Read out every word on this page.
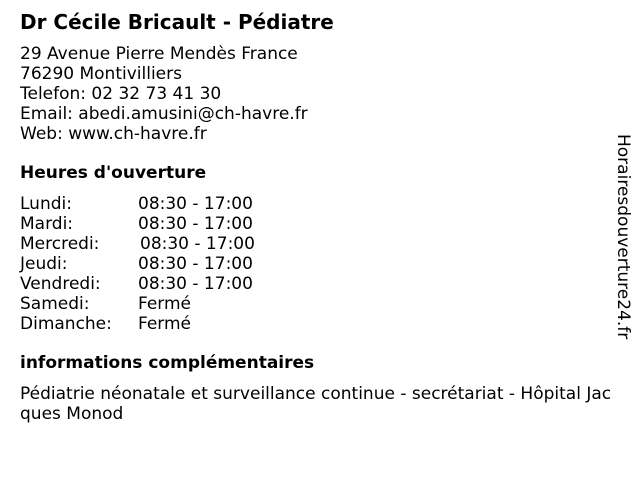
Dr Cécile Bricault - Pédiatre
29 Avenue Pierre Mendès France
76290 Montivilliers
Telefon: 02 32 73 41 30
Email: abedi.amusini@ch-havre.fr
Web: www.ch-havre.fr
Heures d'ouverture
Lundi:	08:30 - 17:00
Mardi:	08:30 - 17:00
Mercredi: 08:30 - 17:00
Jeudi:	08:30 - 17:00
Vendredi: 08:30 - 17:00
Samedi:	Fermé
Dimanche: Fermé
informations complémentaires
Pédiatrie néonatale et surveillance continue - secrétariat - Hôpital Jacques Monod
Horairesdouverture24.fr
